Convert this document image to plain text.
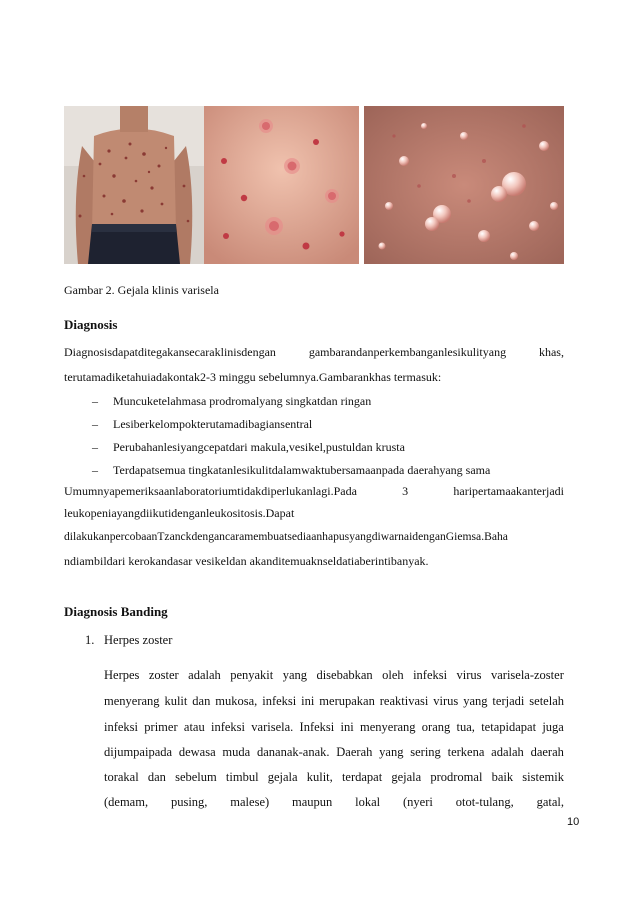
Gambar 2. Gejala klinis varisela
Diagnosis
Diagnosisdapatditegakansecaraklinisdengan	gambarandanperkembanganlesikulityang	khas,
terutamadiketahuiadakontak2-3 minggu sebelumnya.Gambarankhas termasuk:
– Muncuketelahmasa prodromalyang singkatdan ringan
– Lesiberkelompokterutamadibagiansentral
– Perubahanlesiyangcepatdari makula,vesikel,pustuldan krusta
– Terdapatsemua tingkatanlesikulitdalamwaktubersamaanpada daerahyang sama
Umumnyapemeriksaanlaboratoriumtidakdiperlukanlagi.Pada	3	haripertamaakanterjadi
leukopeniayangdiikutidenganleukositosis.Dapat
dilakukanpercobaanTzanckdengancaramembuatsediaanhapusyangdiwarnaidenganGiemsa.Baha
ndiambildari kerokandasar vesikeldan akanditemuaknseldatiaberintibanyak.
Diagnosis Banding
1. Herpes zoster
Herpes zoster adalah penyakit yang disebabkan oleh infeksi virus varisela-zoster
menyerang kulit dan mukosa, infeksi ini merupakan reaktivasi virus yang terjadi setelah
infeksi primer atau infeksi varisela. Infeksi ini menyerang orang tua, tetapidapat juga
dijumpaipada dewasa muda dananak-anak. Daerah yang sering terkena adalah daerah
torakal dan sebelum timbul gejala kulit, terdapat gejala prodromal baik sistemik
(demam, pusing, malese) maupun lokal (nyeri otot-tulang, gatal,
10
